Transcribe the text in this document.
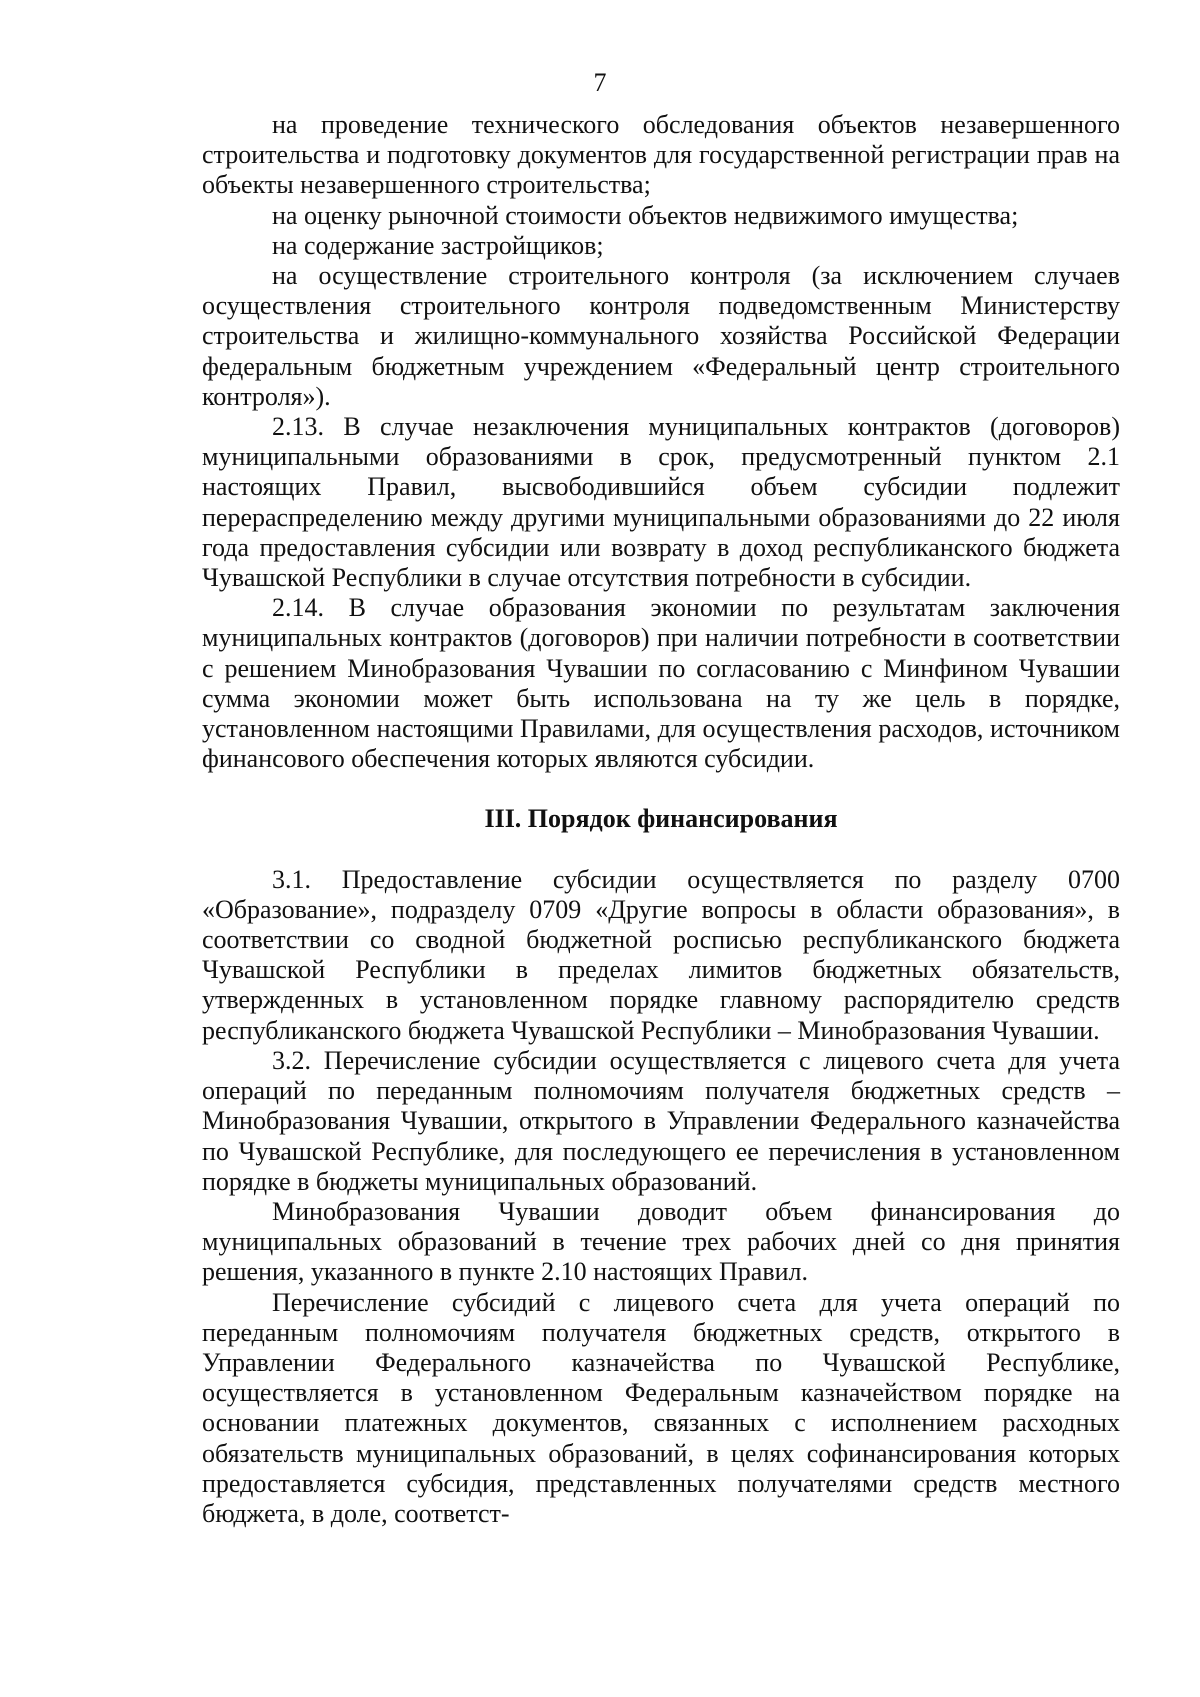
7

на проведение технического обследования объектов незавершенного строительства и подготовку документов для государственной регистрации прав на объекты незавершенного строительства;

на оценку рыночной стоимости объектов недвижимого имущества;

на содержание застройщиков;

на осуществление строительного контроля (за исключением случаев осуществления строительного контроля подведомственным Министерству строительства и жилищно-коммунального хозяйства Российской Федерации федеральным бюджетным учреждением «Федеральный центр строительного контроля»).

2.13. В случае незаключения муниципальных контрактов (договоров) муниципальными образованиями в срок, предусмотренный пунктом 2.1 настоящих Правил, высвободившийся объем субсидии подлежит перераспределению между другими муниципальными образованиями до 22 июля года предоставления субсидии или возврату в доход республиканского бюджета Чувашской Республики в случае отсутствия потребности в субсидии.

2.14. В случае образования экономии по результатам заключения муниципальных контрактов (договоров) при наличии потребности в соответствии с решением Минобразования Чувашии по согласованию с Минфином Чувашии сумма экономии может быть использована на ту же цель в порядке, установленном настоящими Правилами, для осуществления расходов, источником финансового обеспечения которых являются субсидии.

III. Порядок финансирования

3.1. Предоставление субсидии осуществляется по разделу 0700 «Образование», подразделу 0709 «Другие вопросы в области образования», в соответствии со сводной бюджетной росписью республиканского бюджета Чувашской Республики в пределах лимитов бюджетных обязательств, утвержденных в установленном порядке главному распорядителю средств республиканского бюджета Чувашской Республики – Минобразования Чувашии.

3.2. Перечисление субсидии осуществляется с лицевого счета для учета операций по переданным полномочиям получателя бюджетных средств – Минобразования Чувашии, открытого в Управлении Федерального казначейства по Чувашской Республике, для последующего ее перечисления в установленном порядке в бюджеты муниципальных образований.

Минобразования Чувашии доводит объем финансирования до муниципальных образований в течение трех рабочих дней со дня принятия решения, указанного в пункте 2.10 настоящих Правил.

Перечисление субсидий с лицевого счета для учета операций по переданным полномочиям получателя бюджетных средств, открытого в Управлении Федерального казначейства по Чувашской Республике, осуществляется в установленном Федеральным казначейством порядке на основании платежных документов, связанных с исполнением расходных обязательств муниципальных образований, в целях софинансирования которых предоставляется субсидия, представленных получателями средств местного бюджета, в доле, соответст-
